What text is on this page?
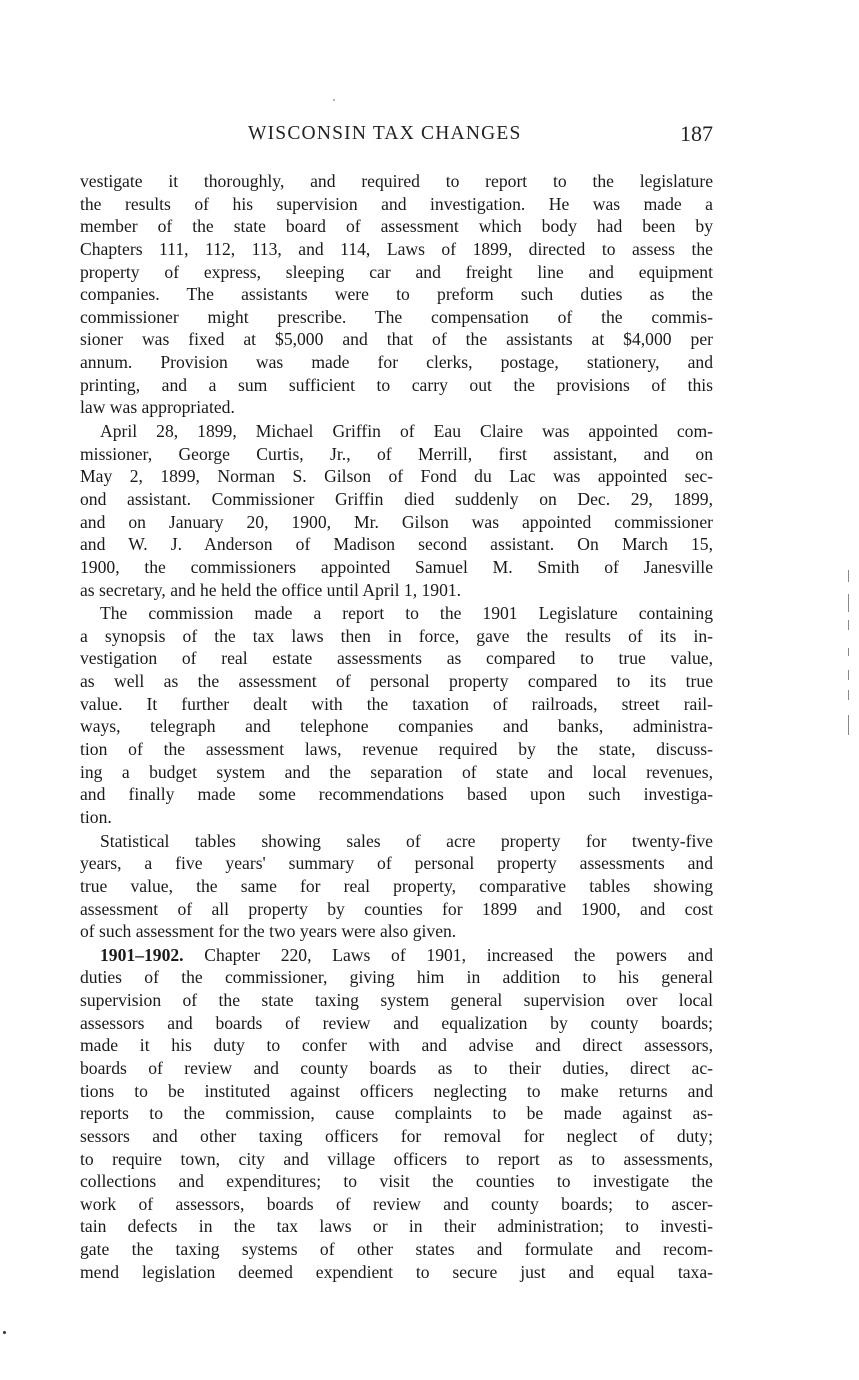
WISCONSIN TAX CHANGES	187
vestigate it thoroughly, and required to report to the legislature
the results of his supervision and investigation. He was made a
member of the state board of assessment which body had been by
Chapters 111, 112, 113, and 114, Laws of 1899, directed to assess the
property of express, sleeping car and freight line and equipment
companies. The assistants were to preform such duties as the
commissioner might prescribe. The compensation of the commis-
sioner was fixed at $5,000 and that of the assistants at $4,000 per
annum. Provision was made for clerks, postage, stationery, and
printing, and a sum sufficient to carry out the provisions of this
law was appropriated.
April 28, 1899, Michael Griffin of Eau Claire was appointed com-
missioner, George Curtis, Jr., of Merrill, first assistant, and on
May 2, 1899, Norman S. Gilson of Fond du Lac was appointed sec-
ond assistant. Commissioner Griffin died suddenly on Dec. 29, 1899,
and on January 20, 1900, Mr. Gilson was appointed commissioner
and W. J. Anderson of Madison second assistant. On March 15,
1900, the commissioners appointed Samuel M. Smith of Janesville
as secretary, and he held the office until April 1, 1901.
The commission made a report to the 1901 Legislature containing
a synopsis of the tax laws then in force, gave the results of its in-
vestigation of real estate assessments as compared to true value,
as well as the assessment of personal property compared to its true
value. It further dealt with the taxation of railroads, street rail-
ways, telegraph and telephone companies and banks, administra-
tion of the assessment laws, revenue required by the state, discuss-
ing a budget system and the separation of state and local revenues,
and finally made some recommendations based upon such investiga-
tion.
Statistical tables showing sales of acre property for twenty-five
years, a five years' summary of personal property assessments and
true value, the same for real property, comparative tables showing
assessment of all property by counties for 1899 and 1900, and cost
of such assessment for the two years were also given.
1901–1902. Chapter 220, Laws of 1901, increased the powers and
duties of the commissioner, giving him in addition to his general
supervision of the state taxing system general supervision over local
assessors and boards of review and equalization by county boards;
made it his duty to confer with and advise and direct assessors,
boards of review and county boards as to their duties, direct ac-
tions to be instituted against officers neglecting to make returns and
reports to the commission, cause complaints to be made against as-
sessors and other taxing officers for removal for neglect of duty;
to require town, city and village officers to report as to assessments,
collections and expenditures; to visit the counties to investigate the
work of assessors, boards of review and county boards; to ascer-
tain defects in the tax laws or in their administration; to investi-
gate the taxing systems of other states and formulate and recom-
mend legislation deemed expendient to secure just and equal taxa-
